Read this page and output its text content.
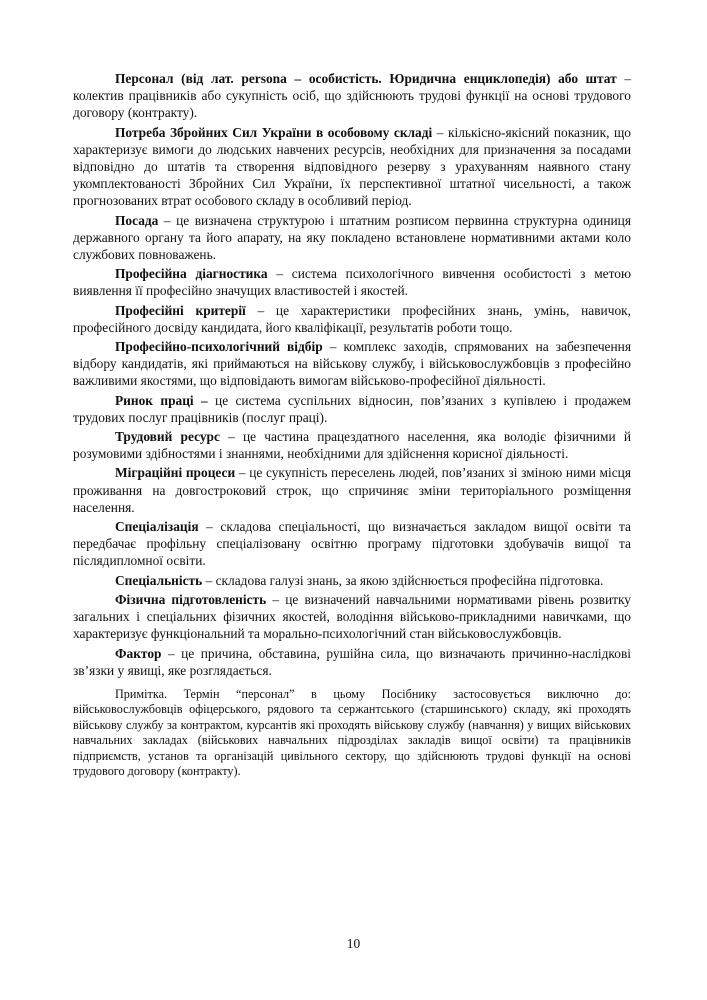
Персонал (від лат. persona – особистість. Юридична енциклопедія) або штат – колектив працівників або сукупність осіб, що здійснюють трудові функції на основі трудового договору (контракту).

Потреба Збройних Сил України в особовому складі – кількісно-якісний показник, що характеризує вимоги до людських навчених ресурсів, необхідних для призначення за посадами відповідно до штатів та створення відповідного резерву з урахуванням наявного стану укомплектованості Збройних Сил України, їх перспективної штатної чисельності, а також прогнозованих втрат особового складу в особливий період.

Посада – це визначена структурою і штатним розписом первинна структурна одиниця державного органу та його апарату, на яку покладено встановлене нормативними актами коло службових повноважень.

Професійна діагностика – система психологічного вивчення особистості з метою виявлення її професійно значущих властивостей і якостей.

Професійні критерії – це характеристики професійних знань, умінь, навичок, професійного досвіду кандидата, його кваліфікації, результатів роботи тощо.

Професійно-психологічний відбір – комплекс заходів, спрямованих на забезпечення відбору кандидатів, які приймаються на військову службу, і військовослужбовців з професійно важливими якостями, що відповідають вимогам військово-професійної діяльності.

Ринок праці – це система суспільних відносин, пов’язаних з купівлею і продажем трудових послуг працівників (послуг праці).

Трудовий ресурс – це частина працездатного населення, яка володіє фізичними й розумовими здібностями і знаннями, необхідними для здійснення корисної діяльності.

Міграційні процеси – це сукупність переселень людей, пов’язаних зі зміною ними місця проживання на довгостроковий строк, що спричиняє зміни територіального розміщення населення.

Спеціалізація – складова спеціальності, що визначається закладом вищої освіти та передбачає профільну спеціалізовану освітню програму підготовки здобувачів вищої та післядипломної освіти.

Спеціальність – складова галузі знань, за якою здійснюється професійна підготовка.

Фізична підготовленість – це визначений навчальними нормативами рівень розвитку загальних і спеціальних фізичних якостей, володіння військово-прикладними навичками, що характеризує функціональний та морально-психологічний стан військовослужбовців.

Фактор – це причина, обставина, рушійна сила, що визначають причинно-наслідкові зв’язки у явищі, яке розглядається.

Примітка. Термін “персонал” в цьому Посібнику застосовується виключно до: військовослужбовців офіцерського, рядового та сержантського (старшинського) складу, які проходять військову службу за контрактом, курсантів які проходять військову службу (навчання) у вищих військових навчальних закладах (військових навчальних підрозділах закладів вищої освіти) та працівників підприємств, установ та організацій цивільного сектору, що здійснюють трудові функції на основі трудового договору (контракту).

10
